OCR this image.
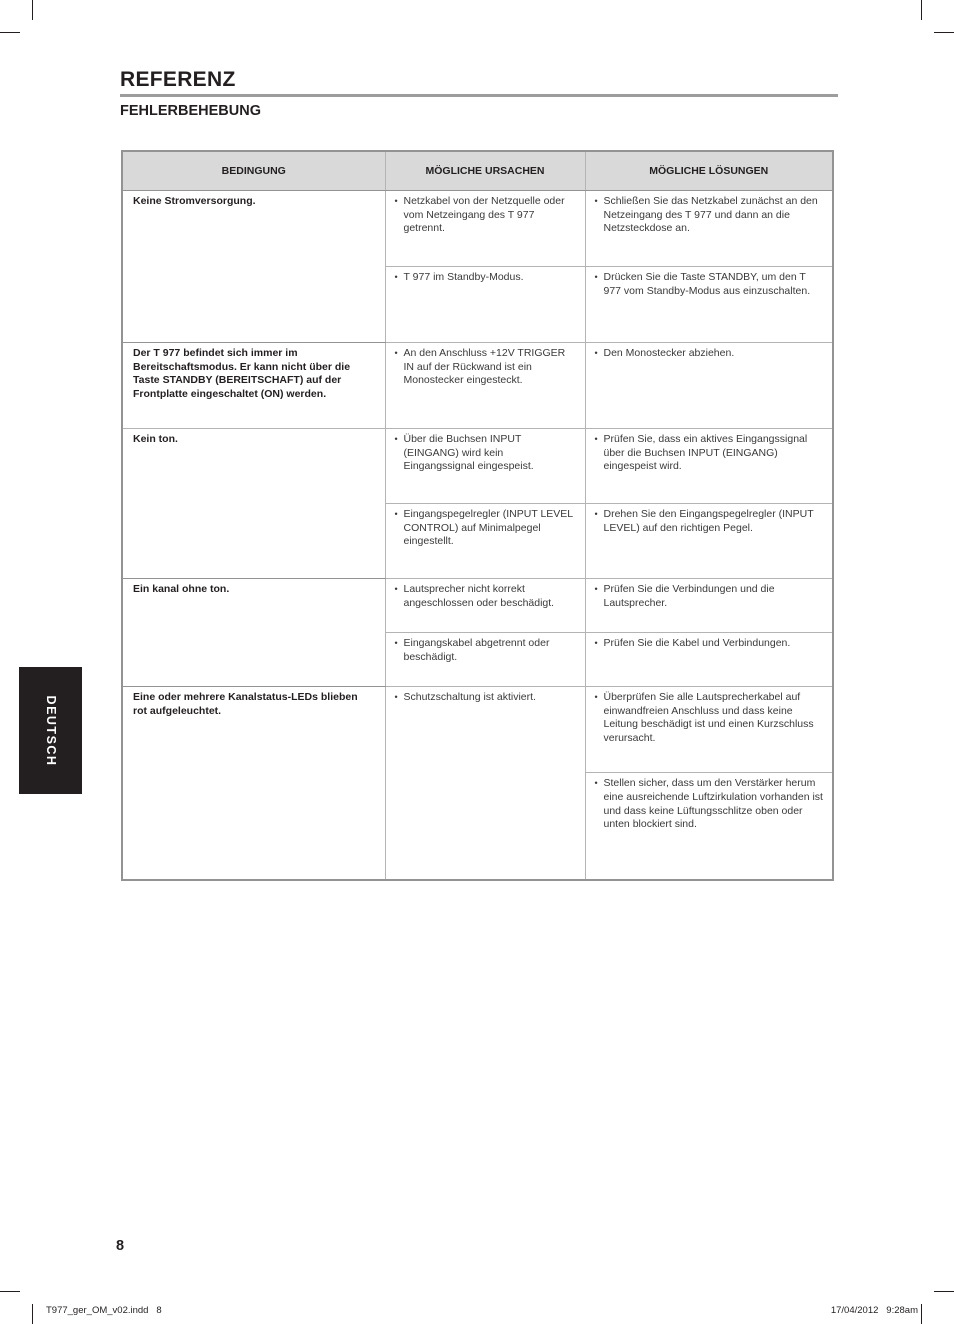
REFERENZ
FEHLERBEHEBUNG
BEDINGUNG	MÖGLICHE URSACHEN	MÖGLICHE LÖSUNGEN
Keine Stromversorgung.	• Netzkabel von der Netzquelle oder vom Netzeingang des T 977 getrennt.	• Schließen Sie das Netzkabel zunächst an den Netzeingang des T 977 und dann an die Netzsteckdose an.
	• T 977 im Standby-Modus.	• Drücken Sie die Taste STANDBY, um den T 977 vom Standby-Modus aus einzuschalten.
Der T 977 befindet sich immer im Bereitschaftsmodus. Er kann nicht über die Taste STANDBY (BEREITSCHAFT) auf der Frontplatte eingeschaltet (ON) werden.	• An den Anschluss +12V TRIGGER IN auf der Rückwand ist ein Monostecker eingesteckt.	• Den Monostecker abziehen.
Kein ton.	• Über die Buchsen INPUT (EINGANG) wird kein Eingangssignal eingespeist.	• Prüfen Sie, dass ein aktives Eingangssignal über die Buchsen INPUT (EINGANG) eingespeist wird.
	• Eingangspegelregler (INPUT LEVEL CONTROL) auf Minimalpegel eingestellt.	• Drehen Sie den Eingangspegelregler (INPUT LEVEL) auf den richtigen Pegel.
Ein kanal ohne ton.	• Lautsprecher nicht korrekt angeschlossen oder beschädigt.	• Prüfen Sie die Verbindungen und die Lautsprecher.
	• Eingangskabel abgetrennt oder beschädigt.	• Prüfen Sie die Kabel und Verbindungen.
Eine oder mehrere Kanalstatus-LEDs blieben rot aufgeleuchtet.	• Schutzschaltung ist aktiviert.	• Überprüfen Sie alle Lautsprecherkabel auf einwandfreien Anschluss und dass keine Leitung beschädigt ist und einen Kurzschluss verursacht.
		• Stellen sicher, dass um den Verstärker herum eine ausreichende Luftzirkulation vorhanden ist und dass keine Lüftungsschlitze oben oder unten blockiert sind.
DEUTSCH
8
T977_ger_OM_v02.indd   8	17/04/2012   9:28am
